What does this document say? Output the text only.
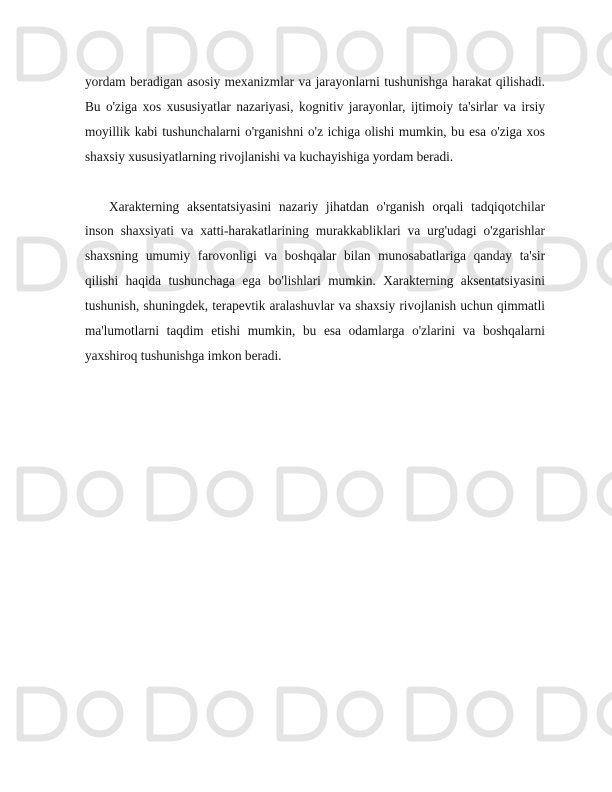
yordam beradigan asosiy mexanizmlar va jarayonlarni tushunishga harakat qilishadi. Bu o'ziga xos xususiyatlar nazariyasi, kognitiv jarayonlar, ijtimoiy ta'sirlar va irsiy moyillik kabi tushunchalarni o'rganishni o'z ichiga olishi mumkin, bu esa o'ziga xos shaxsiy xususiyatlarning rivojlanishi va kuchayishiga yordam beradi.

Xarakterning aksentatsiyasini nazariy jihatdan o'rganish orqali tadqiqotchilar inson shaxsiyati va xatti-harakatlarining murakkabliklari va urg'udagi o'zgarishlar shaxsning umumiy farovonligi va boshqalar bilan munosabatlariga qanday ta'sir qilishi haqida tushunchaga ega bo'lishlari mumkin. Xarakterning aksentatsiyasini tushunish, shuningdek, terapevtik aralashuvlar va shaxsiy rivojlanish uchun qimmatli ma'lumotlarni taqdim etishi mumkin, bu esa odamlarga o'zlarini va boshqalarni yaxshiroq tushunishga imkon beradi.
